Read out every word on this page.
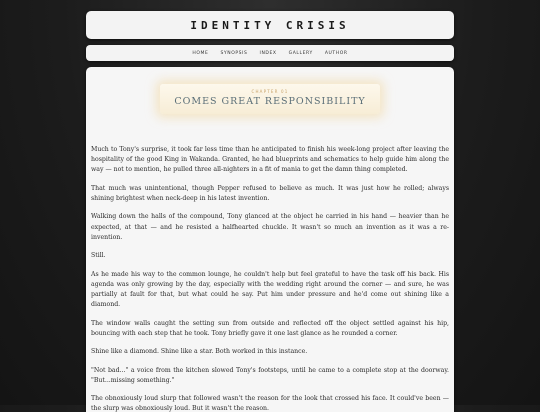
IDENTITY CRISIS
HOME	SYNOPSIS	INDEX	GALLERY	AUTHOR
CHAPTER 01
COMES GREAT RESPONSIBILITY

Much to Tony's surprise, it took far less time than he anticipated to finish his week-long project after leaving the hospitality of the good King in Wakanda. Granted, he had blueprints and schematics to help guide him along the way — not to mention, he pulled three all-nighters in a fit of mania to get the damn thing completed.

That much was unintentional, though Pepper refused to believe as much. It was just how he rolled; always shining brightest when neck-deep in his latest invention.

Walking down the halls of the compound, Tony glanced at the object he carried in his hand — heavier than he expected, at that — and he resisted a halfhearted chuckle. It wasn't so much an invention as it was a re-invention.

Still.

As he made his way to the common lounge, he couldn't help but feel grateful to have the task off his back. His agenda was only growing by the day, especially with the wedding right around the corner — and sure, he was partially at fault for that, but what could he say. Put him under pressure and he'd come out shining like a diamond.

The window walls caught the setting sun from outside and reflected off the object settled against his hip, bouncing with each step that he took. Tony briefly gave it one last glance as he rounded a corner.

Shine like a diamond. Shine like a star. Both worked in this instance.

"Not bad..." a voice from the kitchen slowed Tony's footsteps, until he came to a complete stop at the doorway. "But...missing something."

The obnoxiously loud slurp that followed wasn't the reason for the look that crossed his face. It could've been — the slurp was obnoxiously loud. But it wasn't the reason.
